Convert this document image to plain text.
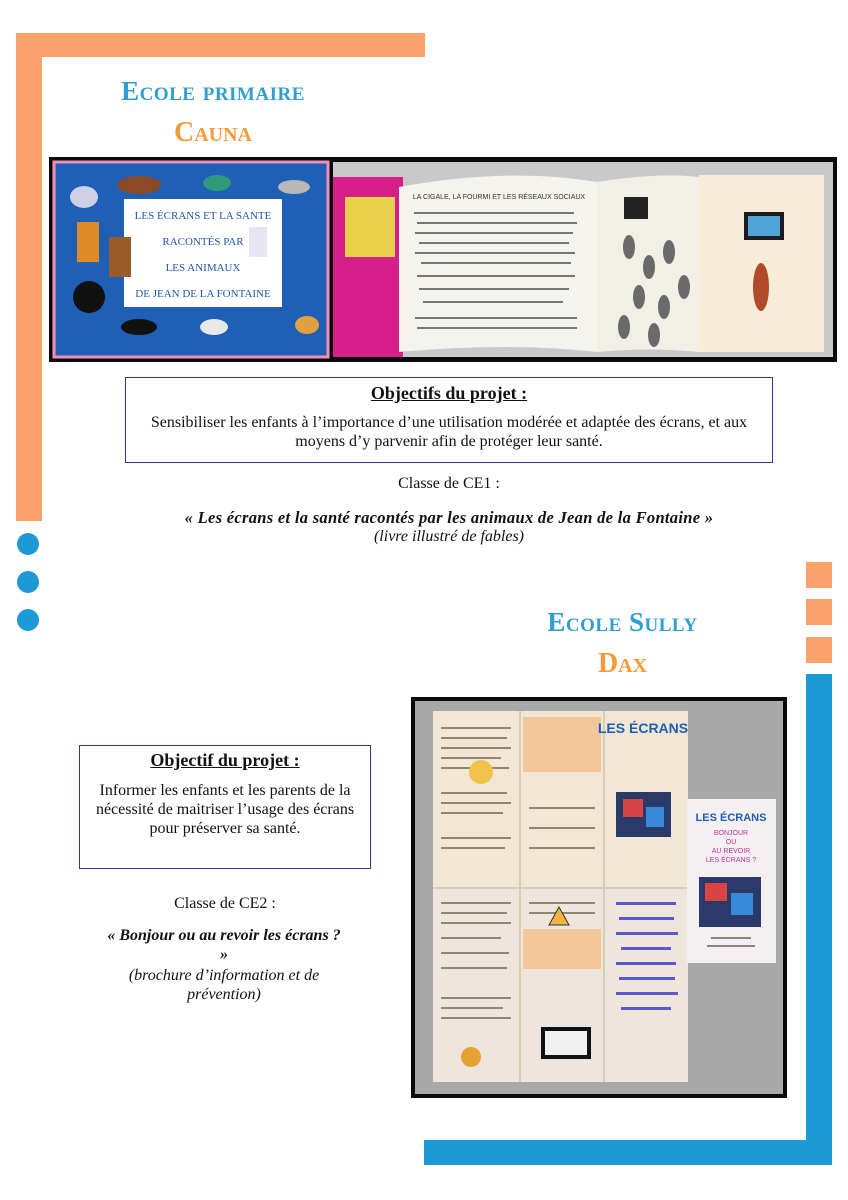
Ecole primaire
Cauna
LES ÉCRANS ET LA SANTE
RACONTÉS PAR
LES ANIMAUX
DE JEAN DE LA FONTAINE
LA CIGALE, LA FOURMI ET LES RÉSEAUX SOCIAUX
Objectifs du projet :
Sensibiliser les enfants à l’importance d’une utilisation modérée et adaptée des écrans, et aux moyens d’y parvenir afin de protéger leur santé.
Classe de CE1 :
« Les écrans et la santé racontés par les animaux de Jean de la Fontaine »
(livre illustré de fables)
Ecole Sully
Dax
Objectif du projet :
Informer les enfants et les parents de la nécessité de maitriser l’usage des écrans pour préserver sa santé.
Classe de CE2 :
« Bonjour ou au revoir les écrans ? »
(brochure d’information et de prévention)
LES ÉCRANS
LES ÉCRANS
BONJOUR
OU
AU REVOIR
LES ÉCRANS ?
